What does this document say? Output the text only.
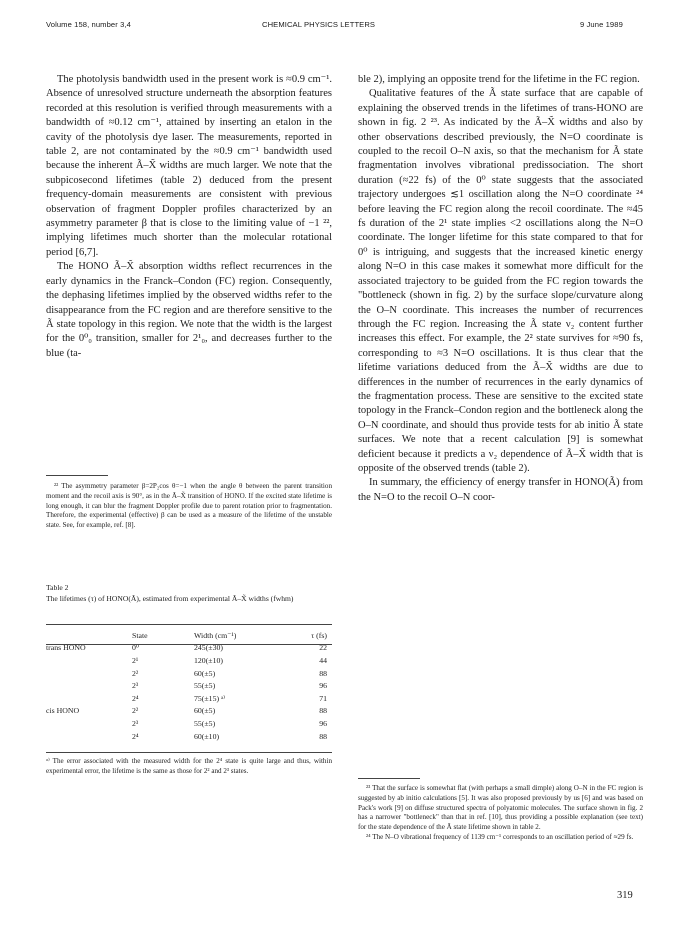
Volume 158, number 3,4	CHEMICAL PHYSICS LETTERS	9 June 1989

The photolysis bandwidth used in the present work is ≈0.9 cm⁻¹. Absence of unresolved structure underneath the absorption features recorded at this resolution is verified through measurements with a bandwidth of ≈0.12 cm⁻¹, attained by inserting an etalon in the cavity of the photolysis dye laser. The measurements, reported in table 2, are not contaminated by the ≈0.9 cm⁻¹ bandwidth used because the inherent Ã–X̃ widths are much larger. We note that the subpicosecond lifetimes (table 2) deduced from the present frequency-domain measurements are consistent with previous observation of fragment Doppler profiles characterized by an asymmetry parameter β that is close to the limiting value of −1 ²², implying lifetimes much shorter than the molecular rotational period [6,7].

The HONO Ã–X̃ absorption widths reflect recurrences in the early dynamics in the Franck–Condon (FC) region. Consequently, the dephasing lifetimes implied by the observed widths refer to the disappearance from the FC region and are therefore sensitive to the Ã state topology in this region. We note that the width is the largest for the 0⁰₀ transition, smaller for 2¹₀, and decreases further to the blue (ta-

²² The asymmetry parameter β=2P₂cos θ=−1 when the angle θ between the parent transition moment and the recoil axis is 90°, as in the Ã–X̃ transition of HONO. If the excited state lifetime is long enough, it can blur the fragment Doppler profile due to parent rotation prior to fragmentation. Therefore, the experimental (effective) β can be used as a measure of the lifetime of the unstable state. See, for example, ref. [8].

Table 2
The lifetimes (τ) of HONO(Ã), estimated from experimental Ã–X̃ widths (fwhm)
	State	Width (cm⁻¹)	τ (fs)
trans HONO	0⁰	245(±30)	22
	2¹	120(±10)	44
	2²	60(±5)	88
	2³	55(±5)	96
	2⁴	75(±15) ᵃ⁾	71
cis HONO	2²	60(±5)	88
	2³	55(±5)	96
	2⁴	60(±10)	88

ᵃ⁾ The error associated with the measured width for the 2⁴ state is quite large and thus, within experimental error, the lifetime is the same as those for 2² and 2³ states.

ble 2), implying an opposite trend for the lifetime in the FC region.

Qualitative features of the Ã state surface that are capable of explaining the observed trends in the lifetimes of trans-HONO are shown in fig. 2 ²³. As indicated by the Ã–X̃ widths and also by other observations described previously, the N=O coordinate is coupled to the recoil O–N axis, so that the mechanism for Ã state fragmentation involves vibrational predissociation. The short duration (≈22 fs) of the 0⁰ state suggests that the associated trajectory undergoes ≲1 oscillation along the N=O coordinate ²⁴ before leaving the FC region along the recoil coordinate. The ≈45 fs duration of the 2¹ state implies <2 oscillations along the N=O coordinate. The longer lifetime for this state compared to that for 0⁰ is intriguing, and suggests that the increased kinetic energy along N=O in this case makes it somewhat more difficult for the associated trajectory to be guided from the FC region towards the "bottleneck (shown in fig. 2) by the surface slope/curvature along the O–N coordinate. This increases the number of recurrences through the FC region. Increasing the Ã state ν₂ content further increases this effect. For example, the 2² state survives for ≈90 fs, corresponding to ≈3 N=O oscillations. It is thus clear that the lifetime variations deduced from the Ã–X̃ widths are due to differences in the number of recurrences in the early dynamics of the fragmentation process. These are sensitive to the excited state topology in the Franck–Condon region and the bottleneck along the O–N coordinate, and should thus provide tests for ab initio Ã state surfaces. We note that a recent calculation [9] is somewhat deficient because it predicts a ν₂ dependence of Ã–X̃ width that is opposite of the observed trends (table 2).

In summary, the efficiency of energy transfer in HONO(Ã) from the N=O to the recoil O–N coor-

²³ That the surface is somewhat flat (with perhaps a small dimple) along O–N in the FC region is suggested by ab initio calculations [5]. It was also proposed previously by us [6] and was based on Pack's work [9] on diffuse structured spectra of polyatomic molecules. The surface shown in fig. 2 has a narrower "bottleneck" than that in ref. [10], thus providing a possible explanation (see text) for the state dependence of the Ã state lifetime shown in table 2.

²⁴ The N–O vibrational frequency of 1139 cm⁻¹ corresponds to an oscillation period of ≈29 fs.

319
